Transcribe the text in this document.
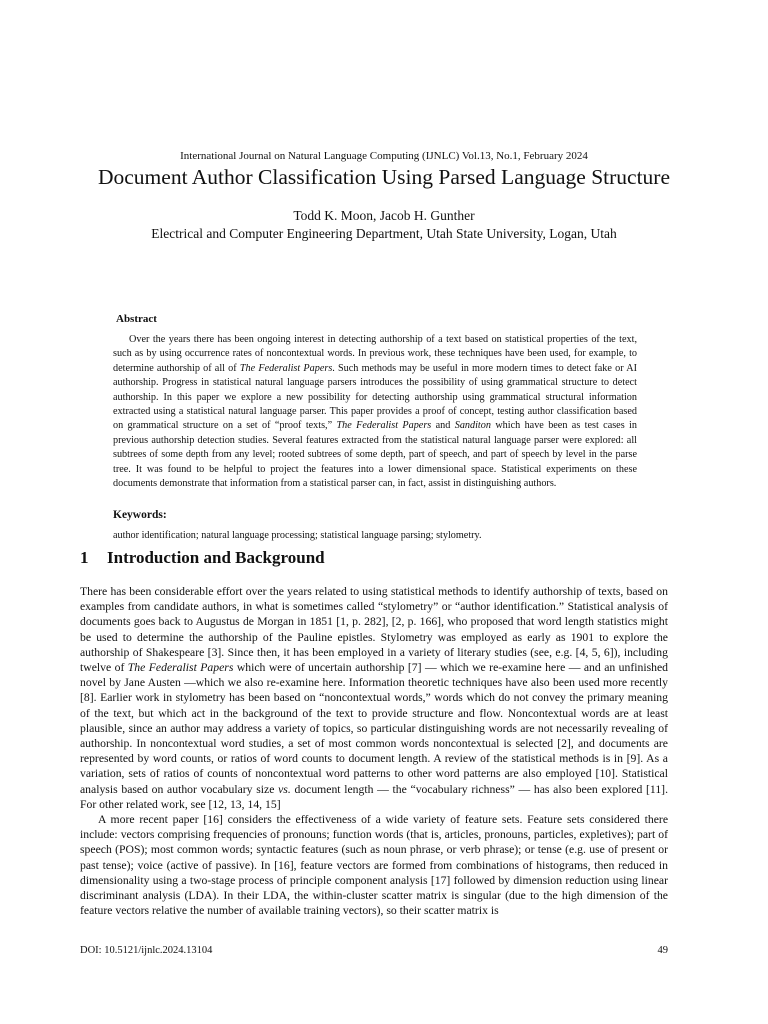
International Journal on Natural Language Computing (IJNLC) Vol.13, No.1, February 2024
Document Author Classification Using Parsed Language Structure
Todd K. Moon, Jacob H. Gunther
Electrical and Computer Engineering Department, Utah State University, Logan, Utah
Abstract

Over the years there has been ongoing interest in detecting authorship of a text based on statistical properties of the text, such as by using occurrence rates of noncontextual words. In previous work, these techniques have been used, for example, to determine authorship of all of The Federalist Papers. Such methods may be useful in more modern times to detect fake or AI authorship. Progress in statistical natural language parsers introduces the possibility of using grammatical structure to detect authorship. In this paper we explore a new possibility for detecting authorship using grammatical structural information extracted using a statistical natural language parser. This paper provides a proof of concept, testing author classification based on grammatical structure on a set of “proof texts,” The Federalist Papers and Sanditon which have been as test cases in previous authorship detection studies. Several features extracted from the statistical natural language parser were explored: all subtrees of some depth from any level; rooted subtrees of some depth, part of speech, and part of speech by level in the parse tree. It was found to be helpful to project the features into a lower dimensional space. Statistical experiments on these documents demonstrate that information from a statistical parser can, in fact, assist in distinguishing authors.

Keywords:
author identification; natural language processing; statistical language parsing; stylometry.
1 Introduction and Background

There has been considerable effort over the years related to using statistical methods to identify authorship of texts, based on examples from candidate authors, in what is sometimes called “stylometry” or “author identification.” Statistical analysis of documents goes back to Augustus de Morgan in 1851 [1, p. 282], [2, p. 166], who proposed that word length statistics might be used to determine the authorship of the Pauline epistles. Stylometry was employed as early as 1901 to explore the authorship of Shakespeare [3]. Since then, it has been employed in a variety of literary studies (see, e.g. [4, 5, 6]), including twelve of The Federalist Papers which were of uncertain authorship [7] — which we re-examine here — and an unfinished novel by Jane Austen —which we also re-examine here. Information theoretic techniques have also been used more recently [8]. Earlier work in stylometry has been based on “noncontextual words,” words which do not convey the primary meaning of the text, but which act in the background of the text to provide structure and flow. Noncontextual words are at least plausible, since an author may address a variety of topics, so particular distinguishing words are not necessarily revealing of authorship. In noncontextual word studies, a set of most common words noncontextual is selected [2], and documents are represented by word counts, or ratios of word counts to document length. A review of the statistical methods is in [9]. As a variation, sets of ratios of counts of noncontextual word patterns to other word patterns are also employed [10]. Statistical analysis based on author vocabulary size vs. document length — the “vocabulary richness” — has also been explored [11]. For other related work, see [12, 13, 14, 15]

A more recent paper [16] considers the effectiveness of a wide variety of feature sets. Feature sets considered there include: vectors comprising frequencies of pronouns; function words (that is, articles, pronouns, particles, expletives); part of speech (POS); most common words; syntactic features (such as noun phrase, or verb phrase); or tense (e.g. use of present or past tense); voice (active of passive). In [16], feature vectors are formed from combinations of histograms, then reduced in dimensionality using a two-stage process of principle component analysis [17] followed by dimension reduction using linear discriminant analysis (LDA). In their LDA, the within-cluster scatter matrix is singular (due to the high dimension of the feature vectors relative the number of available training vectors), so their scatter matrix is

DOI: 10.5121/ijnlc.2024.13104	49
